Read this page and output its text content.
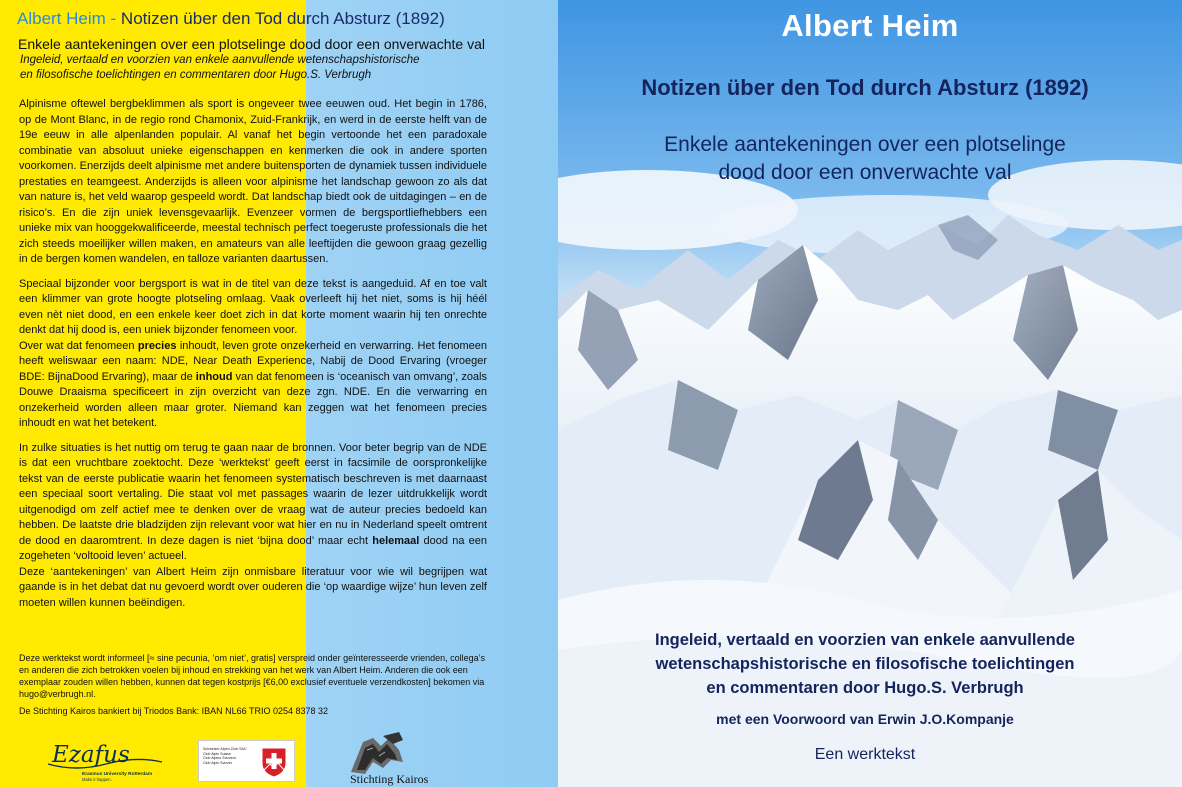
Albert Heim - Notizen über den Tod durch Absturz (1892)
Enkele aantekeningen over een plotselinge dood door een onverwachte val
Ingeleid, vertaald en voorzien van enkele aanvullende wetenschapshistorische
en filosofische toelichtingen en commentaren door Hugo.S. Verbrugh

Alpinisme oftewel bergbeklimmen als sport is ongeveer twee eeuwen oud. Het begin in 1786, op de Mont Blanc, in de regio rond Chamonix, Zuid-Frankrijk, en werd in de eerste helft van de 19e eeuw in alle alpenlanden populair. Al vanaf het begin vertoonde het een paradoxale combinatie van absoluut unieke eigenschappen en kenmerken die ook in andere sporten voorkomen. Enerzijds deelt alpinisme met andere buitensporten de dynamiek tussen individuele prestaties en teamgeest. Anderzijds is alleen voor alpinisme het landschap gewoon zo als dat van nature is, het veld waarop gespeeld wordt. Dat landschap biedt ook de uitdagingen – en de risico’s. En die zijn uniek levensgevaarlijk. Evenzeer vormen de bergsportliefhebbers een unieke mix van hooggekwalificeerde, meestal technisch perfect toegeruste professionals die het zich steeds moeilijker willen maken, en amateurs van alle leeftijden die gewoon graag gezellig in de bergen komen wandelen, en talloze varianten daartussen.

Speciaal bijzonder voor bergsport is wat in de titel van deze tekst is aangeduid. Af en toe valt een klimmer van grote hoogte plotseling omlaag. Vaak overleeft hij het niet, soms is hij héél even nèt niet dood, en een enkele keer doet zich in dat korte moment waarin hij ten onrechte denkt dat hij dood is, een uniek bijzonder fenomeen voor.

Over wat dat fenomeen precies inhoudt, leven grote onzekerheid en verwarring. Het fenomeen heeft weliswaar een naam: NDE, Near Death Experience, Nabij de Dood Ervaring (vroeger BDE: BijnaDood Ervaring), maar de inhoud van dat fenomeen is ‘oceanisch van omvang’, zoals Douwe Draaisma specificeert in zijn overzicht van deze zgn. NDE. En die verwarring en onzekerheid worden alleen maar groter. Niemand kan zeggen wat het fenomeen precies inhoudt en wat het betekent.

In zulke situaties is het nuttig om terug te gaan naar de bronnen. Voor beter begrip van de NDE is dat een vruchtbare zoektocht. Deze ‘werktekst’ geeft eerst in facsimile de oorspronkelijke tekst van de eerste publicatie waarin het fenomeen systematisch beschreven is met daarnaast een speciaal soort vertaling. Die staat vol met passages waarin de lezer uitdrukkelijk wordt uitgenodigd om zelf actief mee te denken over de vraag wat de auteur precies bedoeld kan hebben. De laatste drie bladzijden zijn relevant voor wat hier en nu in Nederland speelt omtrent de dood en daaromtrent. In deze dagen is niet ‘bijna dood’ maar echt helemaal dood na een zogeheten ‘voltooid leven’ actueel.

Deze ‘aantekeningen’ van Albert Heim zijn onmisbare literatuur voor wie wil begrijpen wat gaande is in het debat dat nu gevoerd wordt over ouderen die ‘op waardige wijze’ hun leven zelf moeten willen kunnen beëindigen.

Deze werktekst wordt informeel [≈ sine pecunia, ‘om niet’, gratis] verspreid onder geïnteresseerde vrienden, collega’s en anderen die zich betrokken voelen bij inhoud en strekking van het werk van Albert Heim. Anderen die ook een exemplaar zouden willen hebben, kunnen dat tegen kostprijs [€6,00 exclusief eventuele verzendkosten] bekomen via hugo@verbrugh.nl.

De Stichting Kairos bankiert bij Triodos Bank: IBAN NL66 TRIO 0254 8378 32

Ezafus
Erasmus University Rotterdam
Make it happen.
Schweizer Alpen-Club SAC
Club Alpin Suisse
Club Alpino Svizzero
Club Alpin Svizzer
Stichting Kairos
Albert Heim
Notizen über den Tod durch Absturz (1892)
Enkele aantekeningen over een plotselinge
dood door een onverwachte val
Ingeleid, vertaald en voorzien van enkele aanvullende
wetenschapshistorische en filosofische toelichtingen
en commentaren door Hugo.S. Verbrugh
met een Voorwoord van Erwin J.O.Kompanje
Een werktekst
